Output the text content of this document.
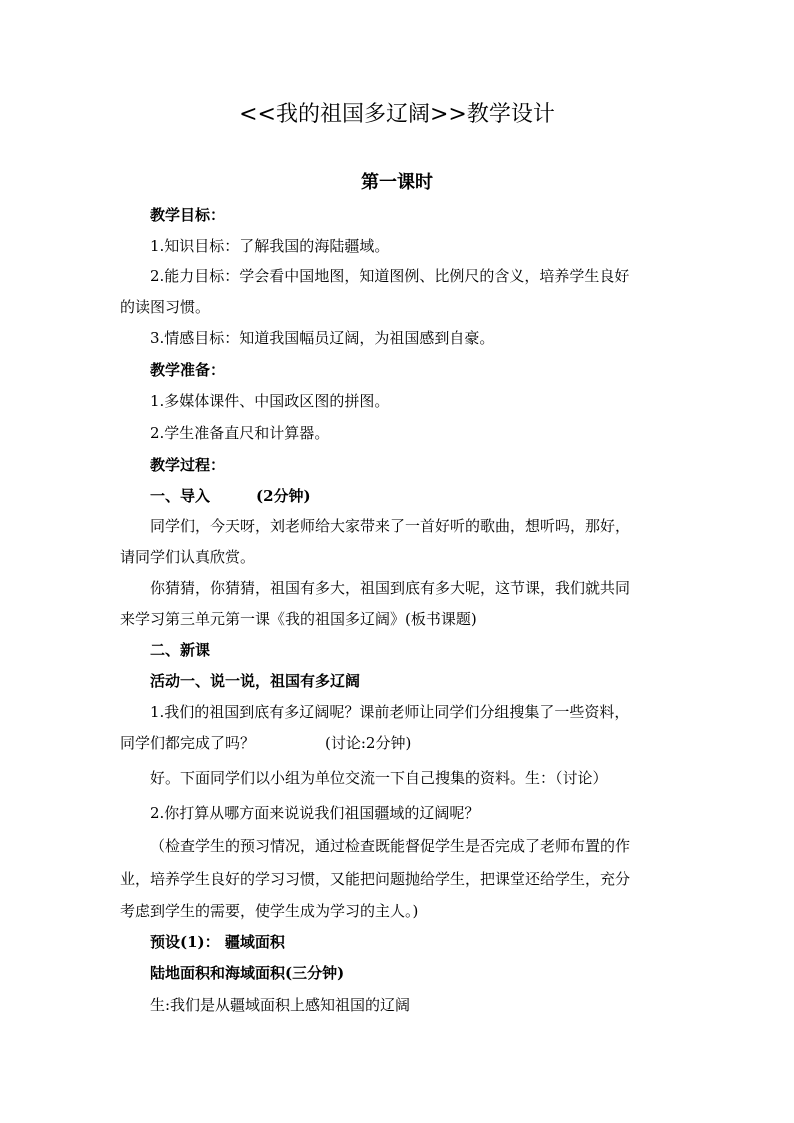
<<我的祖国多辽阔>>教学设计
第一课时
教学目标：
1.知识目标：了解我国的海陆疆域。
2.能力目标：学会看中国地图，知道图例、比例尺的含义，培养学生良好
的读图习惯。
3.情感目标：知道我国幅员辽阔，为祖国感到自豪。
教学准备：
1.多媒体课件、中国政区图的拼图。
2.学生准备直尺和计算器。
教学过程：
一、导入	(2分钟)
同学们，今天呀，刘老师给大家带来了一首好听的歌曲，想听吗，那好，
请同学们认真欣赏。
你猜猜，你猜猜，祖国有多大，祖国到底有多大呢，这节课，我们就共同
来学习第三单元第一课《我的祖国多辽阔》(板书课题)
二、新课
活动一、说一说，祖国有多辽阔
1.我们的祖国到底有多辽阔呢？课前老师让同学们分组搜集了一些资料，
同学们都完成了吗？	(讨论:2分钟)
好。下面同学们以小组为单位交流一下自己搜集的资料。生：（讨论）
2.你打算从哪方面来说说我们祖国疆域的辽阔呢？
（检查学生的预习情况，通过检查既能督促学生是否完成了老师布置的作
业，培养学生良好的学习习惯，又能把问题抛给学生，把课堂还给学生，充分
考虑到学生的需要，使学生成为学习的主人。)
预设(1)： 疆域面积
陆地面积和海域面积(三分钟)
生:我们是从疆域面积上感知祖国的辽阔
